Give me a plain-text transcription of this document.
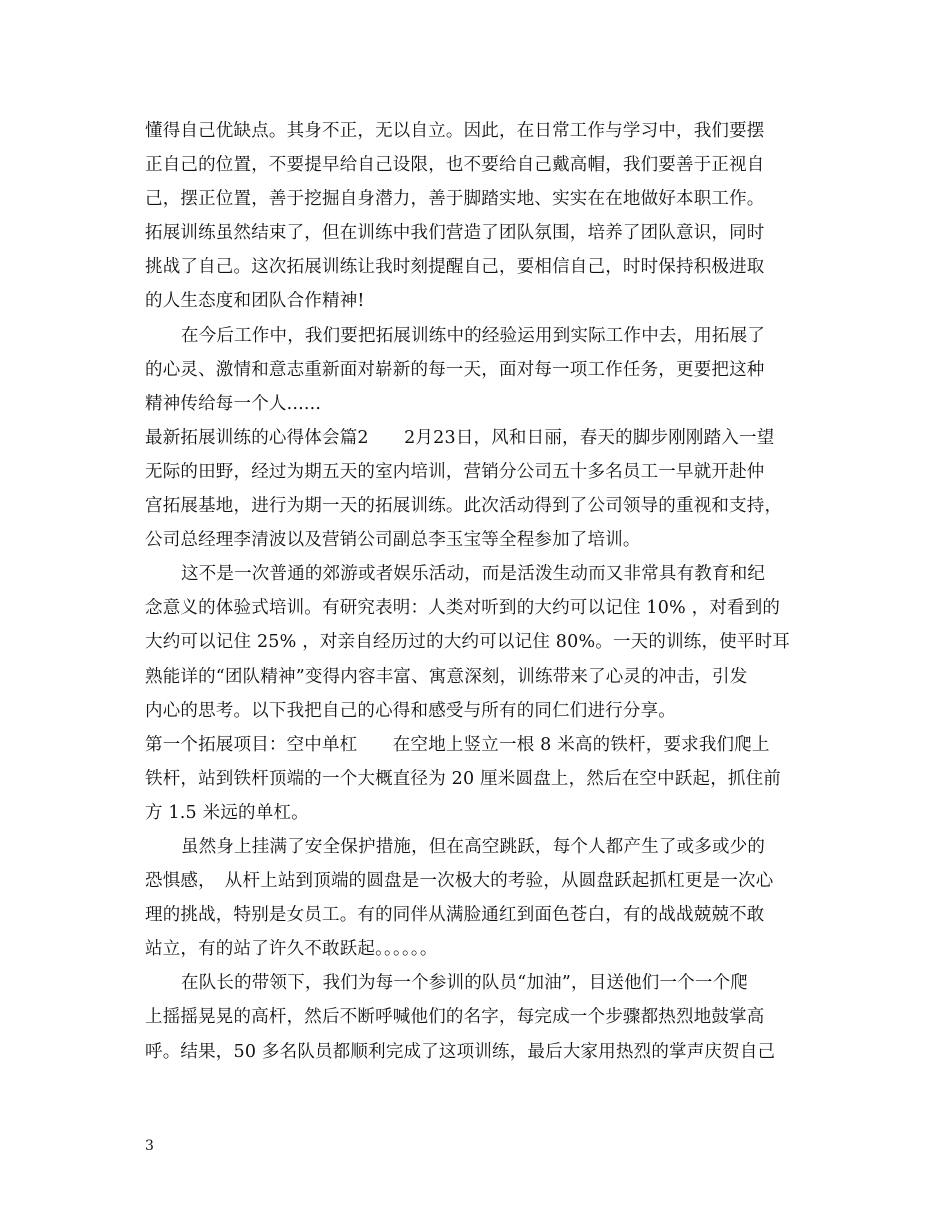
懂得自己优缺点。其身不正，无以自立。因此，在日常工作与学习中，我们要摆
正自己的位置，不要提早给自己设限，也不要给自己戴高帽，我们要善于正视自
己，摆正位置，善于挖掘自身潜力，善于脚踏实地、实实在在地做好本职工作。
拓展训练虽然结束了，但在训练中我们营造了团队氛围，培养了团队意识，同时
挑战了自己。这次拓展训练让我时刻提醒自己，要相信自己，时时保持积极进取
的人生态度和团队合作精神!
在今后工作中，我们要把拓展训练中的经验运用到实际工作中去，用拓展了
的心灵、激情和意志重新面对崭新的每一天，面对每一项工作任务，更要把这种
精神传给每一个人......
最新拓展训练的心得体会篇2　　2月23日，风和日丽，春天的脚步刚刚踏入一望
无际的田野，经过为期五天的室内培训，营销分公司五十多名员工一早就开赴仲
宫拓展基地，进行为期一天的拓展训练。此次活动得到了公司领导的重视和支持，
公司总经理李清波以及营销公司副总李玉宝等全程参加了培训。
这不是一次普通的郊游或者娱乐活动，而是活泼生动而又非常具有教育和纪
念意义的体验式培训。有研究表明：人类对听到的大约可以记住 10% ，对看到的
大约可以记住 25% ，对亲自经历过的大约可以记住 80%。一天的训练，使平时耳
熟能详的“团队精神”变得内容丰富、寓意深刻，训练带来了心灵的冲击，引发
内心的思考。以下我把自己的心得和感受与所有的同仁们进行分享。
第一个拓展项目：空中单杠　　在空地上竖立一根 8 米高的铁杆，要求我们爬上
铁杆，站到铁杆顶端的一个大概直径为 20 厘米圆盘上，然后在空中跃起，抓住前
方 1.5 米远的单杠。
虽然身上挂满了安全保护措施，但在高空跳跃，每个人都产生了或多或少的
恐惧感，　从杆上站到顶端的圆盘是一次极大的考验，从圆盘跃起抓杠更是一次心
理的挑战，特别是女员工。有的同伴从满脸通红到面色苍白，有的战战兢兢不敢
站立，有的站了许久不敢跃起。。。。。。
在队长的带领下，我们为每一个参训的队员“加油”，目送他们一个一个爬
上摇摇晃晃的高杆，然后不断呼喊他们的名字，每完成一个步骤都热烈地鼓掌高
呼。结果，50 多名队员都顺利完成了这项训练，最后大家用热烈的掌声庆贺自己
3
